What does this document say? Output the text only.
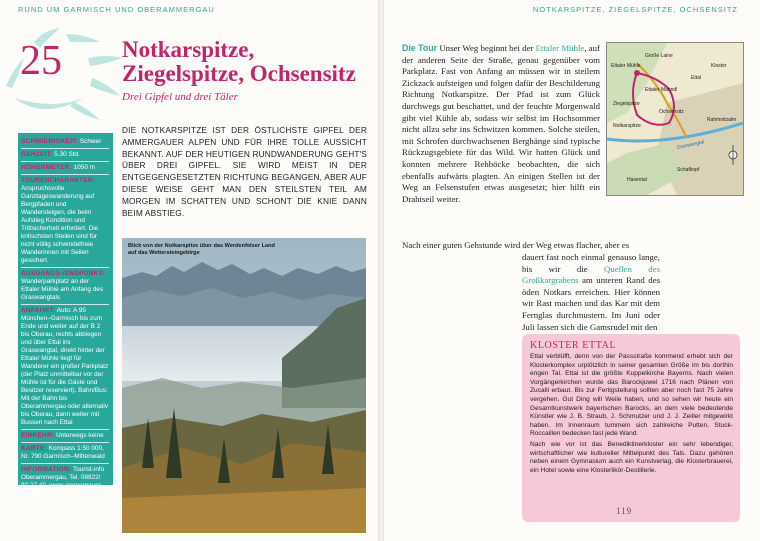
RUND UM GARMISCH UND OBERAMMERGAU	NOTKARSPITZE, ZIEGELSPITZE, OCHSENSITZ
25	Notkarspitze,
Ziegelspitze, Ochsensitz
Drei Gipfel und drei Täler
SCHWIERIGKEIT: Schwer
GEHZEIT: 5.30 Std.
HÖHENMETER: 1050 m
TOURENCHARAKTER: Anspruchsvolle Ganztageswanderung auf Bergpfaden und Wandersteigen, die beim Aufstieg Kondition und Trittsicherheit erfordert. Die kritischsten Steilen sind für nicht völlig schwindelfreie Wanderinnen mit Seilen gesichert.
AUSGANGS-/ENDPUNKT: Wanderparkplatz an der Ettaler Mühle am Anfang des Graswangtals
ANFAHRT: Auto: A 95 München–Garmisch bis zum Ende und weiter auf der B 2 bis Oberau, rechts abbiegen und über Ettal ins Graswangtal, direkt hinter der Ettaler Mühle liegt für Wanderer ein großer Parkplatz (der Platz unmittelbar vor der Mühle ist für die Gäste und Besitzer reserviert). Bahn/Bus: Mit der Bahn bis Oberammergau oder alternativ bis Oberau, dann weiter mit Bussen nach Ettal
EINKEHR: Unterwegs keine
KARTE: Kompass 1:50 000, Nr. 790 Garmisch–Mittenwald
INFORMATION: Tourist-info Oberammergau, Tel. 08822/ 92 27 40, www.ammergauer-alpen.de
DIE NOTKARSPITZE IST DER ÖSTLICHSTE GIPFEL DER AMMERGAUER ALPEN UND FÜR IHRE TOLLE AUSSICHT BEKANNT. AUF DER HEUTIGEN RUNDWANDERUNG GEHT'S ÜBER DREI GIPFEL. SIE WIRD MEIST IN DER ENTGEGENGESETZTEN RICHTUNG BEGANGEN, ABER AUF DIESE WEISE GEHT MAN DEN STEILSTEN TEIL AM MORGEN IM SCHATTEN UND SCHONT DIE KNIE DANN BEIM ABSTIEG.
Blick von der Notkarspitze über das Werdenfelser Land auf das Wettersteingebirge
Die Tour Unser Weg beginnt bei der Ettaler Mühle, auf der anderen Seite der Straße, genau gegenüber vom Parkplatz. Fast von Anfang an müssen wir in steilem Zickzack aufsteigen und folgen dafür der Beschilderung Richtung Notkarspitze. Der Pfad ist zum Glück durchwegs gut beschattet, und der feuchte Morgenwald gibt viel Kühle ab, sodass wir selbst im Hochsommer nicht allzu sehr ins Schwitzen kommen. Solche steilen, mit Schrofen durchwachsenen Berghänge sind typische Rückzugsgebiete für das Wild. Wir hatten Glück und konnten mehrere Rehböcke beobachten, die sich ebenfalls aufwärts plagten. An einigen Stellen ist der Weg an Felsenstufen etwas ausgesetzt; hier hilft ein Drahtseil weiter.
Nach einer guten Gehstunde wird der Weg etwas flacher, aber es
dauert fast noch einmal genauso lange, bis wir die Quellen des Großkargrabens am unteren Rand des öden Notkars erreichen. Hier können wir Rast machen und das Kar mit dem Fernglas durchmustern. Im Juni oder Juli lassen sich die Gamsrudel mit den
Ettal
Kloster
Ettaler Mühle
Große Laine
Ziegelspitze
Ochsensitz
Notkarspitze
Ettaler Manndl
Rahmnitzalm
Graswangtal
Schafkopf
Hasental
KLOSTER ETTAL

Ettal verblüfft, denn von der Passstraße kommend erhebt sich der Klosterkomplex urplötzlich in seiner gesamten Größe im bis dorthin engen Tal. Ettal ist die größte Kuppelkirche Bayerns. Nach vielen Vorgängerkirchen wurde das Barockjuwel 1716 nach Plänen von Zucalli erbaut. Bis zur Fertigstellung sollten aber noch fast 75 Jahre vergehen. Gut Ding will Weile haben, und so sehen wir heute ein Gesamtkunstwerk bayerischen Barocks, an dem viele bedeutende Künstler wie J. B. Straub, J. Schmutzer und J. J. Zeiller mitgewirkt haben. Im Innenraum tummeln sich zahlreiche Putten, Stuck-Roccaillen bedecken fast jede Wand.

Nach wie vor ist das Benediktinerkloster ein sehr lebendiger, wirtschaftlicher wie kultureller Mittelpunkt des Tals. Dazu gehören neben einem Gymnasium auch ein Kunstverlag, die Klosterbrauerei, ein Hotel sowie eine Klosterlikör-Destillerie.

119
